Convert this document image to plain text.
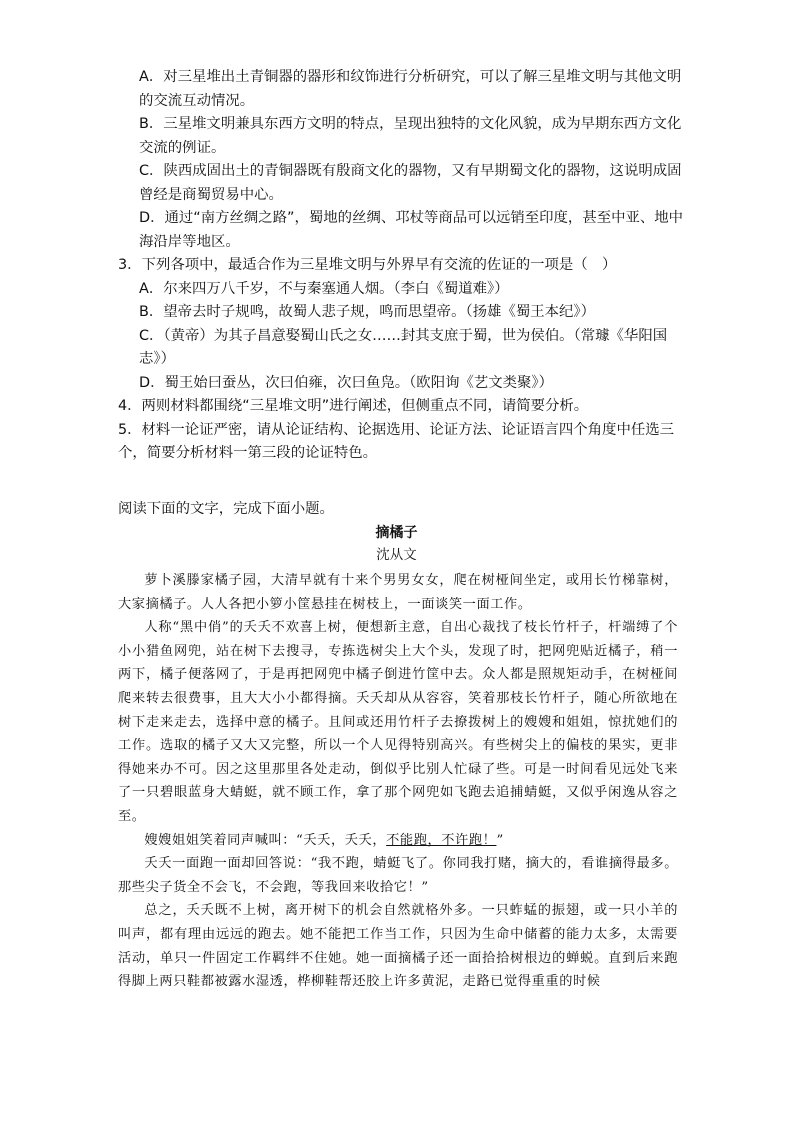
A．对三星堆出土青铜器的器形和纹饰进行分析研究，可以了解三星堆文明与其他文明
的交流互动情况。
B．三星堆文明兼具东西方文明的特点，呈现出独特的文化风貌，成为早期东西方文化
交流的例证。
C．陕西成固出土的青铜器既有殷商文化的器物，又有早期蜀文化的器物，这说明成固
曾经是商蜀贸易中心。
D．通过“南方丝绸之路”，蜀地的丝绸、邛杖等商品可以远销至印度，甚至中亚、地中
海沿岸等地区。
3．下列各项中，最适合作为三星堆文明与外界早有交流的佐证的一项是（　）
A．尔来四万八千岁，不与秦塞通人烟。（李白《蜀道难》）
B．望帝去时子规鸣，故蜀人悲子规，鸣而思望帝。（扬雄《蜀王本纪》）
C．（黄帝）为其子昌意娶蜀山氏之女……封其支庶于蜀，世为侯伯。（常璩《华阳国
志》）
D．蜀王始曰蚕丛，次曰伯雍，次曰鱼凫。（欧阳询《艺文类聚》）
4．两则材料都围绕“三星堆文明”进行阐述，但侧重点不同，请简要分析。
5．材料一论证严密，请从论证结构、论据选用、论证方法、论证语言四个角度中任选三
个，简要分析材料一第三段的论证特色。
阅读下面的文字，完成下面小题。
摘橘子
沈从文

萝卜溪滕家橘子园，大清早就有十来个男男女女，爬在树桠间坐定，或用长竹梯靠树，大家摘橘子。人人各把小箩小筐悬挂在树枝上，一面谈笑一面工作。

人称“黑中俏”的夭夭不欢喜上树，便想新主意，自出心裁找了枝长竹杆子，杆端缚了个小小猎鱼网兜，站在树下去搜寻，专拣选树尖上大个头，发现了时，把网兜贴近橘子，稍一两下，橘子便落网了，于是再把网兜中橘子倒进竹筐中去。众人都是照规矩动手，在树桠间爬来转去很费事，且大大小小都得摘。夭夭却从从容容，笑着那枝长竹杆子，随心所欲地在树下走来走去，选择中意的橘子。且间或还用竹杆子去撩拨树上的嫂嫂和姐姐，惊扰她们的工作。选取的橘子又大又完整，所以一个人见得特别高兴。有些树尖上的偏枝的果实，更非得她来办不可。因之这里那里各处走动，倒似乎比别人忙碌了些。可是一时间看见远处飞来了一只碧眼蓝身大蜻蜓，就不顾工作，拿了那个网兜如飞跑去追捕蜻蜓，又似乎闲逸从容之至。

嫂嫂姐姐笑着同声喊叫：“夭夭，夭夭，不能跑，不许跑！”

夭夭一面跑一面却回答说：“我不跑，蜻蜓飞了。你同我打赌，摘大的，看谁摘得最多。那些尖子货全不会飞，不会跑，等我回来收拾它！”

总之，夭夭既不上树，离开树下的机会自然就格外多。一只蚱蜢的振翅，或一只小羊的叫声，都有理由远远的跑去。她不能把工作当工作，只因为生命中储蓄的能力太多，太需要活动，单只一件固定工作羁绊不住她。她一面摘橘子还一面拾拾树根边的蝉蜕。直到后来跑得脚上两只鞋都被露水湿透，桦柳鞋帮还胶上许多黄泥，走路已觉得重重的时候
